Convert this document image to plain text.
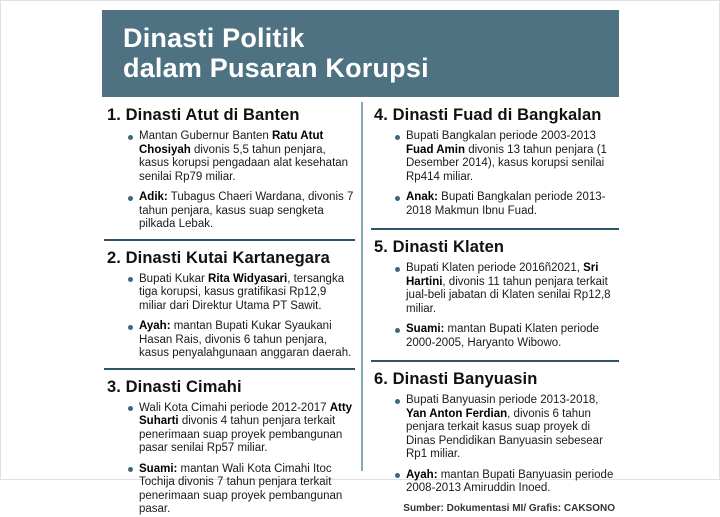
Dinasti Politik
dalam Pusaran Korupsi
1. Dinasti Atut di Banten
Mantan Gubernur Banten Ratu Atut Chosiyah divonis 5,5 tahun penjara, kasus korupsi pengadaan alat kesehatan senilai Rp79 miliar.
Adik: Tubagus Chaeri Wardana, divonis 7 tahun penjara, kasus suap sengketa pilkada Lebak.
2. Dinasti Kutai Kartanegara
Bupati Kukar Rita Widyasari, tersangka tiga korupsi, kasus gratifikasi Rp12,9 miliar dari Direktur Utama PT Sawit.
Ayah: mantan Bupati Kukar Syaukani Hasan Rais, divonis 6 tahun penjara, kasus penyalahgunaan anggaran daerah.
3. Dinasti Cimahi
Wali Kota Cimahi periode 2012-2017 Atty Suharti divonis 4 tahun penjara terkait penerimaan suap proyek pembangunan pasar senilai Rp57 miliar.
Suami: mantan Wali Kota Cimahi Itoc Tochija divonis 7 tahun penjara terkait penerimaan suap proyek pembangunan pasar.
4. Dinasti Fuad di Bangkalan
Bupati Bangkalan periode 2003-2013 Fuad Amin divonis 13 tahun penjara (1 Desember 2014), kasus korupsi senilai Rp414 miliar.
Anak: Bupati Bangkalan periode 2013-2018 Makmun Ibnu Fuad.
5. Dinasti Klaten
Bupati Klaten periode 2016ñ2021, Sri Hartini, divonis 11 tahun penjara terkait jual-beli jabatan di Klaten senilai Rp12,8 miliar.
Suami: mantan Bupati Klaten periode 2000-2005, Haryanto Wibowo.
6. Dinasti Banyuasin
Bupati Banyuasin periode 2013-2018, Yan Anton Ferdian, divonis 6 tahun penjara terkait kasus suap proyek di Dinas Pendidikan Banyuasin sebesear Rp1 miliar.
Ayah: mantan Bupati Banyuasin periode 2008-2013 Amiruddin Inoed.
Sumber: Dokumentasi MI/ Grafis: CAKSONO
